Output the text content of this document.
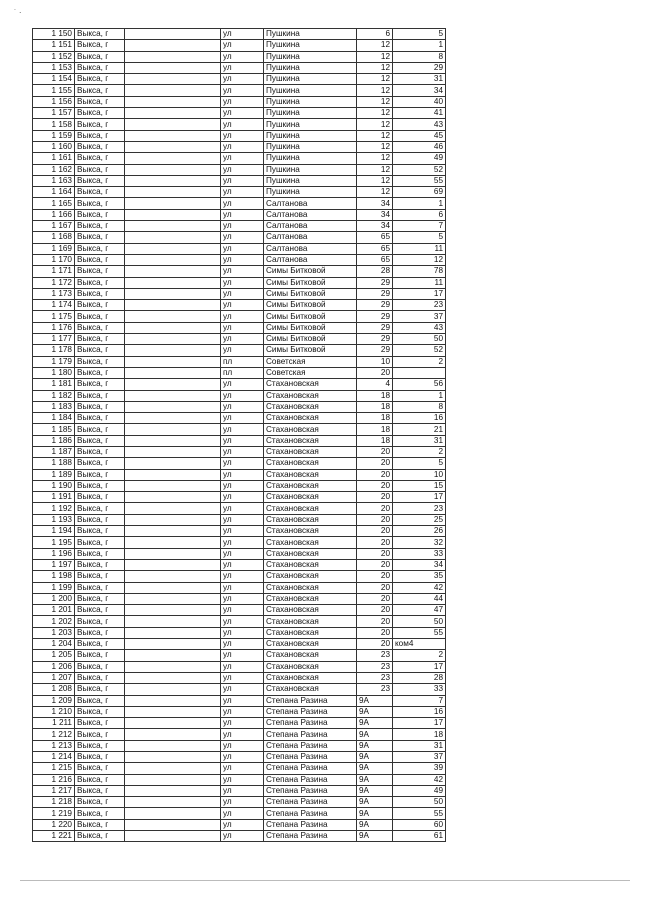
˙ ·
1 150	Выкса, г		ул	Пушкина	6	5
1 151	Выкса, г		ул	Пушкина	12	1
1 152	Выкса, г		ул	Пушкина	12	8
1 153	Выкса, г		ул	Пушкина	12	29
1 154	Выкса, г		ул	Пушкина	12	31
1 155	Выкса, г		ул	Пушкина	12	34
1 156	Выкса, г		ул	Пушкина	12	40
1 157	Выкса, г		ул	Пушкина	12	41
1 158	Выкса, г		ул	Пушкина	12	43
1 159	Выкса, г		ул	Пушкина	12	45
1 160	Выкса, г		ул	Пушкина	12	46
1 161	Выкса, г		ул	Пушкина	12	49
1 162	Выкса, г		ул	Пушкина	12	52
1 163	Выкса, г		ул	Пушкина	12	55
1 164	Выкса, г		ул	Пушкина	12	69
1 165	Выкса, г		ул	Салтанова	34	1
1 166	Выкса, г		ул	Салтанова	34	6
1 167	Выкса, г		ул	Салтанова	34	7
1 168	Выкса, г		ул	Салтанова	65	5
1 169	Выкса, г		ул	Салтанова	65	11
1 170	Выкса, г		ул	Салтанова	65	12
1 171	Выкса, г		ул	Симы Битковой	28	78
1 172	Выкса, г		ул	Симы Битковой	29	11
1 173	Выкса, г		ул	Симы Битковой	29	17
1 174	Выкса, г		ул	Симы Битковой	29	23
1 175	Выкса, г		ул	Симы Битковой	29	37
1 176	Выкса, г		ул	Симы Битковой	29	43
1 177	Выкса, г		ул	Симы Битковой	29	50
1 178	Выкса, г		ул	Симы Битковой	29	52
1 179	Выкса, г		пл	Советская	10	2
1 180	Выкса, г		пл	Советская	20	
1 181	Выкса, г		ул	Стахановская	4	56
1 182	Выкса, г		ул	Стахановская	18	1
1 183	Выкса, г		ул	Стахановская	18	8
1 184	Выкса, г		ул	Стахановская	18	16
1 185	Выкса, г		ул	Стахановская	18	21
1 186	Выкса, г		ул	Стахановская	18	31
1 187	Выкса, г		ул	Стахановская	20	2
1 188	Выкса, г		ул	Стахановская	20	5
1 189	Выкса, г		ул	Стахановская	20	10
1 190	Выкса, г		ул	Стахановская	20	15
1 191	Выкса, г		ул	Стахановская	20	17
1 192	Выкса, г		ул	Стахановская	20	23
1 193	Выкса, г		ул	Стахановская	20	25
1 194	Выкса, г		ул	Стахановская	20	26
1 195	Выкса, г		ул	Стахановская	20	32
1 196	Выкса, г		ул	Стахановская	20	33
1 197	Выкса, г		ул	Стахановская	20	34
1 198	Выкса, г		ул	Стахановская	20	35
1 199	Выкса, г		ул	Стахановская	20	42
1 200	Выкса, г		ул	Стахановская	20	44
1 201	Выкса, г		ул	Стахановская	20	47
1 202	Выкса, г		ул	Стахановская	20	50
1 203	Выкса, г		ул	Стахановская	20	55
1 204	Выкса, г		ул	Стахановская	20	ком4
1 205	Выкса, г		ул	Стахановская	23	2
1 206	Выкса, г		ул	Стахановская	23	17
1 207	Выкса, г		ул	Стахановская	23	28
1 208	Выкса, г		ул	Стахановская	23	33
1 209	Выкса, г		ул	Степана Разина	9А	7
1 210	Выкса, г		ул	Степана Разина	9А	16
1 211	Выкса, г		ул	Степана Разина	9А	17
1 212	Выкса, г		ул	Степана Разина	9А	18
1 213	Выкса, г		ул	Степана Разина	9А	31
1 214	Выкса, г		ул	Степана Разина	9А	37
1 215	Выкса, г		ул	Степана Разина	9А	39
1 216	Выкса, г		ул	Степана Разина	9А	42
1 217	Выкса, г		ул	Степана Разина	9А	49
1 218	Выкса, г		ул	Степана Разина	9А	50
1 219	Выкса, г		ул	Степана Разина	9А	55
1 220	Выкса, г		ул	Степана Разина	9А	60
1 221	Выкса, г		ул	Степана Разина	9А	61
